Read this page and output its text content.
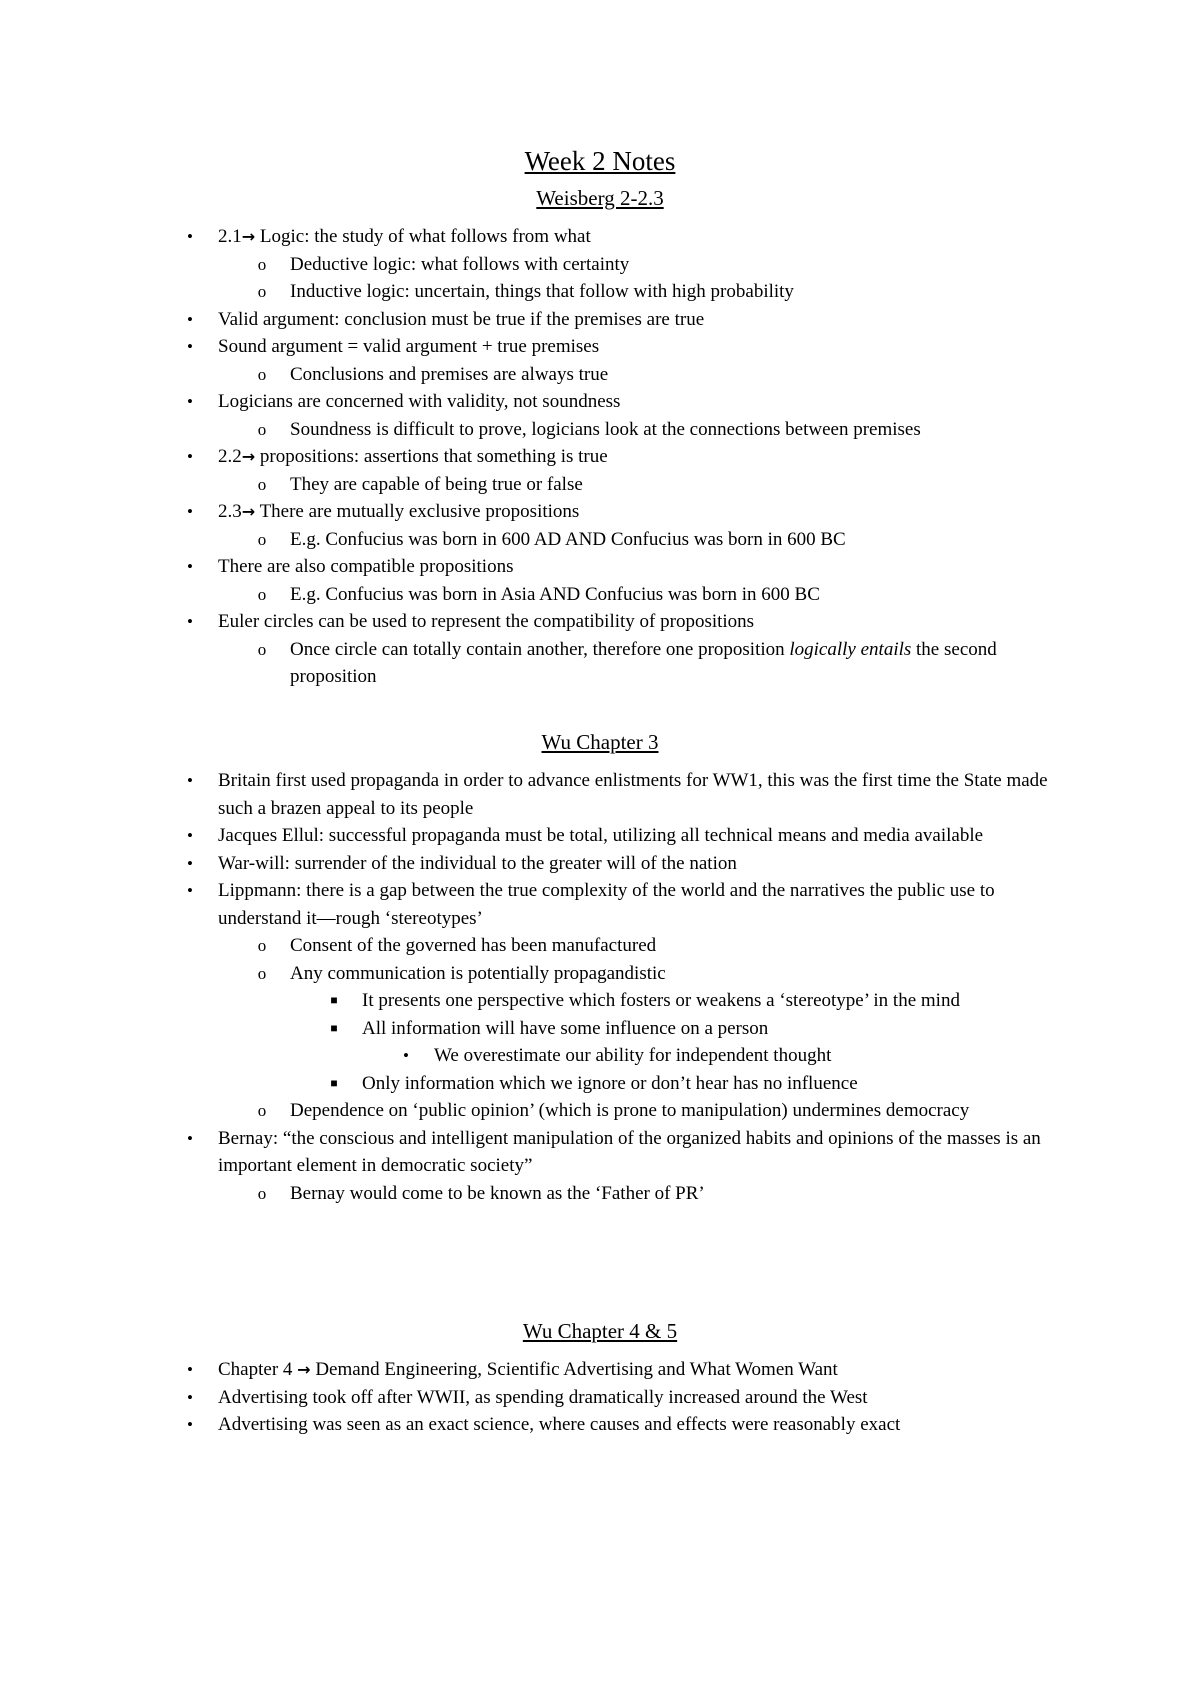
Week 2 Notes
Weisberg 2-2.3
•	2.1→ Logic: the study of what follows from what
o	Deductive logic: what follows with certainty
o	Inductive logic: uncertain, things that follow with high probability
•	Valid argument: conclusion must be true if the premises are true
•	Sound argument = valid argument + true premises
o	Conclusions and premises are always true
•	Logicians are concerned with validity, not soundness
o	Soundness is difficult to prove, logicians look at the connections between premises
•	2.2→ propositions: assertions that something is true
o	They are capable of being true or false
•	2.3→ There are mutually exclusive propositions
o	E.g. Confucius was born in 600 AD AND Confucius was born in 600 BC
•	There are also compatible propositions
o	E.g. Confucius was born in Asia AND Confucius was born in 600 BC
•	Euler circles can be used to represent the compatibility of propositions
o	Once circle can totally contain another, therefore one proposition logically entails the second proposition
Wu Chapter 3
•	Britain first used propaganda in order to advance enlistments for WW1, this was the first time the State made such a brazen appeal to its people
•	Jacques Ellul: successful propaganda must be total, utilizing all technical means and media available
•	War-will: surrender of the individual to the greater will of the nation
•	Lippmann: there is a gap between the true complexity of the world and the narratives the public use to understand it—rough ‘stereotypes’
o	Consent of the governed has been manufactured
o	Any communication is potentially propagandistic
■	It presents one perspective which fosters or weakens a ‘stereotype’ in the mind
■	All information will have some influence on a person
•	We overestimate our ability for independent thought
■	Only information which we ignore or don’t hear has no influence
o	Dependence on ‘public opinion’ (which is prone to manipulation) undermines democracy
•	Bernay: “the conscious and intelligent manipulation of the organized habits and opinions of the masses is an important element in democratic society”
o	Bernay would come to be known as the ‘Father of PR’
Wu Chapter 4 & 5
•	Chapter 4 → Demand Engineering, Scientific Advertising and What Women Want
•	Advertising took off after WWII, as spending dramatically increased around the West
•	Advertising was seen as an exact science, where causes and effects were reasonably exact
